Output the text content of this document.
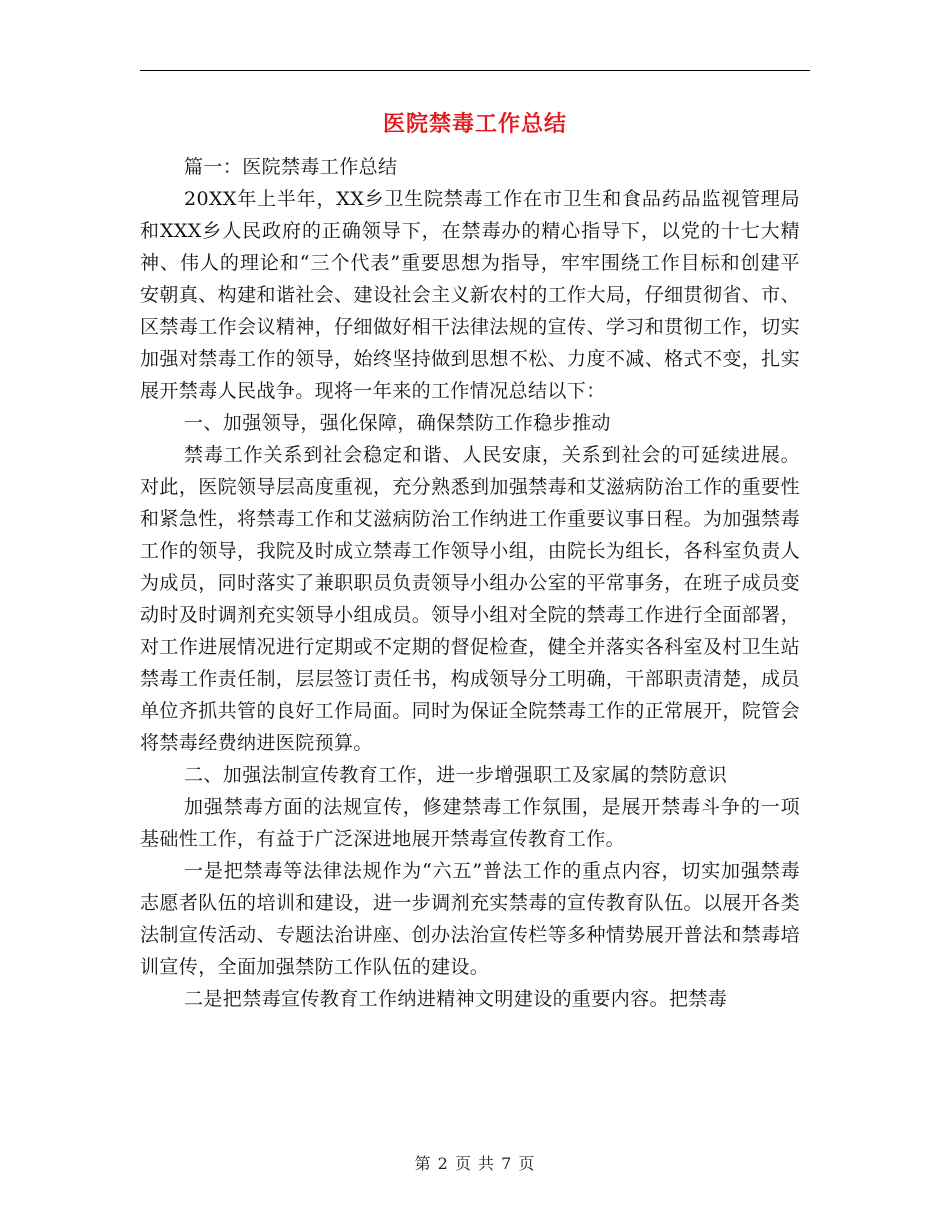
医院禁毒工作总结

篇一：医院禁毒工作总结

20XX年上半年，XX乡卫生院禁毒工作在市卫生和食品药品监视管理局和XXX乡人民政府的正确领导下，在禁毒办的精心指导下，以党的十七大精神、伟人的理论和“三个代表”重要思想为指导，牢牢围绕工作目标和创建平安朝真、构建和谐社会、建设社会主义新农村的工作大局，仔细贯彻省、市、区禁毒工作会议精神，仔细做好相干法律法规的宣传、学习和贯彻工作，切实加强对禁毒工作的领导，始终坚持做到思想不松、力度不减、格式不变，扎实展开禁毒人民战争。现将一年来的工作情况总结以下：

一、加强领导，强化保障，确保禁防工作稳步推动

禁毒工作关系到社会稳定和谐、人民安康，关系到社会的可延续进展。对此，医院领导层高度重视，充分熟悉到加强禁毒和艾滋病防治工作的重要性和紧急性，将禁毒工作和艾滋病防治工作纳进工作重要议事日程。为加强禁毒工作的领导，我院及时成立禁毒工作领导小组，由院长为组长，各科室负责人为成员，同时落实了兼职职员负责领导小组办公室的平常事务，在班子成员变动时及时调剂充实领导小组成员。领导小组对全院的禁毒工作进行全面部署，对工作进展情况进行定期或不定期的督促检查，健全并落实各科室及村卫生站禁毒工作责任制，层层签订责任书，构成领导分工明确，干部职责清楚，成员单位齐抓共管的良好工作局面。同时为保证全院禁毒工作的正常展开，院管会将禁毒经费纳进医院预算。

二、加强法制宣传教育工作，进一步增强职工及家属的禁防意识

加强禁毒方面的法规宣传，修建禁毒工作氛围，是展开禁毒斗争的一项基础性工作，有益于广泛深进地展开禁毒宣传教育工作。

一是把禁毒等法律法规作为“六五”普法工作的重点内容，切实加强禁毒志愿者队伍的培训和建设，进一步调剂充实禁毒的宣传教育队伍。以展开各类法制宣传活动、专题法治讲座、创办法治宣传栏等多种情势展开普法和禁毒培训宣传，全面加强禁防工作队伍的建设。

二是把禁毒宣传教育工作纳进精神文明建设的重要内容。把禁毒

第 2 页 共 7 页
